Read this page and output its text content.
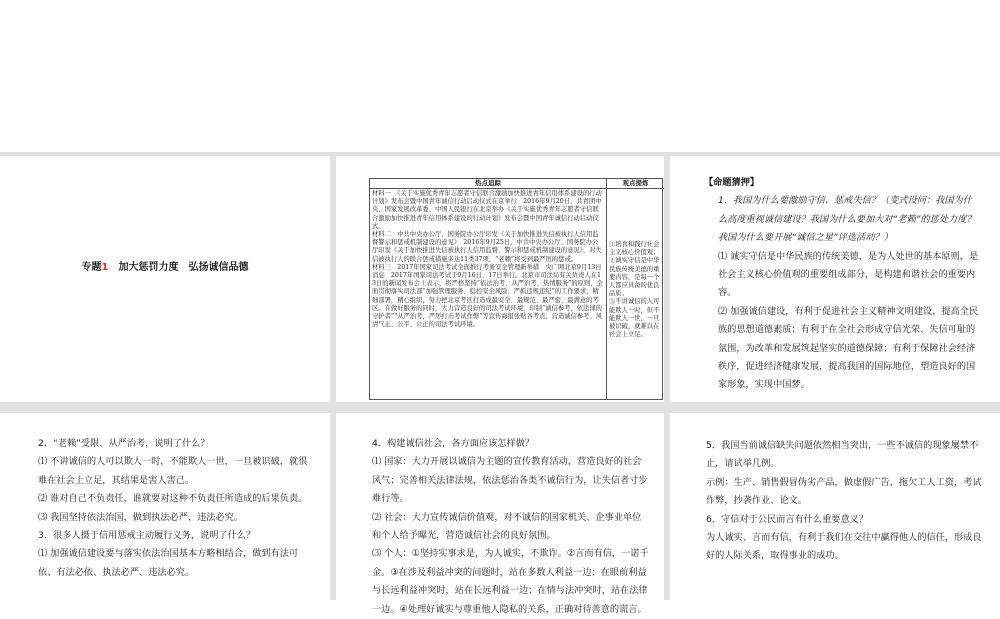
专题1　 加大惩罚力度　弘扬诚信品德
热点追踪	观点提炼
材料一　《关于实施优秀青年志愿者守信联合激励加快推进青年信用体系建设的行动计划》发布会暨中国青年诚信行动启动仪式在京举行　2016年9月20日，共青团中央、国家发展改革委、中国人民银行在北京举办《关于实施优秀青年志愿者守信联合激励加快推进青年信用体系建设的行动计划》发布会暨中国青年诚信行动启动仪式。
材料二　中共中央办公厅、国务院办公厅印发《关于加快推进失信被执行人信用监督警示和惩戒机制建设的意见》　2016年9月25日，中共中央办公厅、国务院办公厅印发《关于加快推进失信被执行人信用监督、警示和惩戒机制建设的意见》，对失信被执行人的联合惩戒措施多达11类37项，“老赖”将受到最严厉的惩戒。
材料三　2017年国家司法考试全面推行考务安全管理新举措　央广网北京9月13日消息　2017年国家司法考试于9月16日、17日举行。北京市司法局有关负责人在13日的新闻发布会上表示，将严格坚持“依法治考、从严治考、热情服务”的原则，全面贯彻落实司法部“加强管理服务、稳控安全风险、严抓违规违纪”的工作要求，精细部署，精心组织，努力把北京考区打造成最安全、最规范、最严密、最满意的考区。在做好服务的同时，大力营造良好的司法考试环境，印制“诚信参考，依法律的守护者”“从严治考，严厉打击考试作弊”等宣传海报张贴各考点，营造诚信参考、风清气正、公平、公正的司法考试环境。
①培育和践行社会主义核心价值观；
②诚实守信是中华民族传统美德的重要内容，是每一个人都应具备的优良品质；
③不讲诚信的人可能欺人一时，但不能欺人一世，一旦被识破，就难以在社会上立足。

【命题猜押】

1．我国为什么要激励守信、惩戒失信？（变式设问：我国为什么高度重视诚信建设？我国为什么要加大对“老赖”的惩处力度？我国为什么要开展“诚信之星”评选活动？）

⑴ 诚实守信是中华民族的传统美德，是为人处世的基本原则，是社会主义核心价值观的重要组成部分，是构建和谐社会的重要内容。

⑵ 加强诚信建设，有利于促进社会主义精神文明建设，提高全民族的思想道德素质；有利于在全社会形成守信光荣、失信可耻的氛围，为改革和发展筑起坚实的道德保障；有利于保障社会经济秩序，促进经济健康发展，提高我国的国际地位，塑造良好的国家形象，实现中国梦。

2．“老赖”受限、从严治考，说明了什么？

⑴ 不讲诚信的人可以欺人一时，不能欺人一世，一旦被识破，就很难在社会上立足，其结果是害人害己。

⑵ 谁对自己不负责任，谁就要对这种不负责任所造成的后果负责。

⑶ 我国坚持依法治国，做到执法必严、违法必究。

3．很多人摄于信用惩戒主动履行义务，说明了什么？

⑴ 加强诚信建设要与落实依法治国基本方略相结合，做到有法可依、有法必依、执法必严、违法必究。

4．构建诚信社会，各方面应该怎样做？

⑴ 国家：大力开展以诚信为主题的宣传教育活动，营造良好的社会风气；完善相关法律法规，依法惩治各类不诚信行为，让失信者寸步难行等。

⑵ 社会：大力宣传诚信价值观，对不诚信的国家机关、企事业单位和个人给予曝光，营造诚信社会的良好氛围。

⑶ 个人：①坚持实事求是，为人诚实，不欺诈。②言而有信，一诺千金。③在涉及利益冲突的问题时，站在多数人利益一边；在眼前利益与长远利益冲突时，站在长远利益一边；在情与法冲突时，站在法律一边。④处理好诚实与尊重他人隐私的关系，正确对待善意的谎言。

5．我国当前诚信缺失问题依然相当突出，一些不诚信的现象屡禁不止，请试举几例。

示例：生产、销售假冒伪劣产品，做虚假广告，拖欠工人工资，考试作弊，抄袭作业、论文。

6．守信对于公民而言有什么重要意义？

为人诚实、言而有信，有利于我们在交往中赢得他人的信任，形成良好的人际关系，取得事业的成功。
